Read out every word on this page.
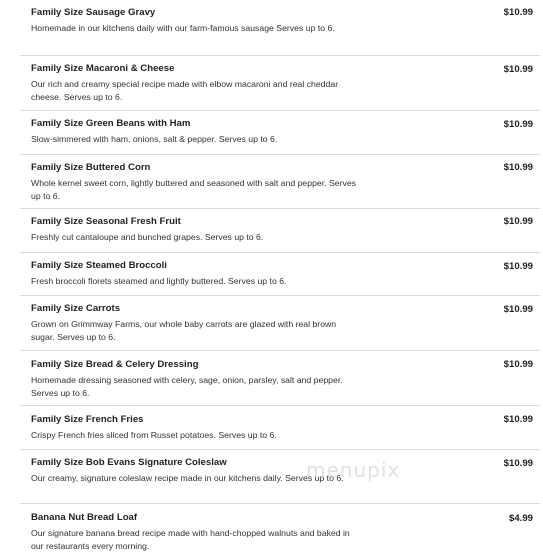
Family Size Sausage Gravy	$10.99
Homemade in our kitchens daily with our farm-famous sausage Serves up to 6.
Family Size Macaroni & Cheese	$10.99
Our rich and creamy special recipe made with elbow macaroni and real cheddar cheese. Serves up to 6.
Family Size Green Beans with Ham	$10.99
Slow-simmered with ham, onions, salt & pepper. Serves up to 6.
Family Size Buttered Corn	$10.99
Whole kernel sweet corn, lightly buttered and seasoned with salt and pepper. Serves up to 6.
Family Size Seasonal Fresh Fruit	$10.99
Freshly cut cantaloupe and bunched grapes. Serves up to 6.
Family Size Steamed Broccoli	$10.99
Fresh broccoli florets steamed and lightly buttered. Serves up to 6.
Family Size Carrots	$10.99
Grown on Grimmway Farms, our whole baby carrots are glazed with real brown sugar. Serves up to 6.
Family Size Bread & Celery Dressing	$10.99
Homemade dressing seasoned with celery, sage, onion, parsley, salt and pepper. Serves up to 6.
Family Size French Fries	$10.99
Crispy French fries sliced from Russet potatoes. Serves up to 6.
Family Size Bob Evans Signature Coleslaw	$10.99
Our creamy, signature coleslaw recipe made in our kitchens daily. Serves up to 6.
Banana Nut Bread Loaf	$4.99
Our signature banana bread recipe made with hand-chopped walnuts and baked in our restaurants every morning.
menupix
